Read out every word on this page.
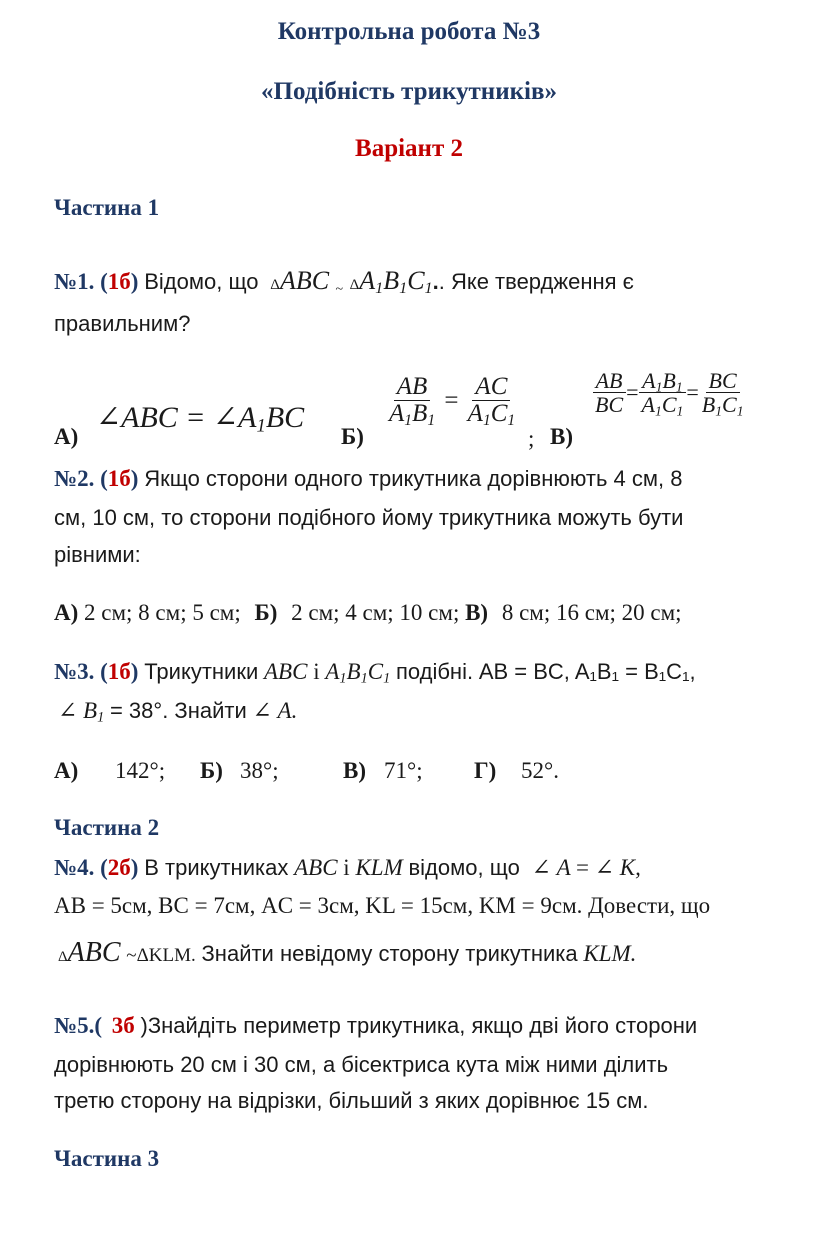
Контрольна робота №3
«Подібність трикутників»
Варіант 2
Частина 1
№1. (1б) Відомо, що ΔABC ~ $\Delta A_1B_1C_1$.. Яке твердження є
правильним?
А)
∠ABC = $\angle A_1BC$
Б)
$\frac{AB}{A_1B_1} = \frac{AC}{A_1C_1}$
; В)
$\frac{AB}{BC} = \frac{A_1B_1}{A_1C_1} = \frac{BC}{B_1C_1}$
№2. (1б) Якщо сторони одного трикутника дорівнюють 4 см, 8
см, 10 см, то сторони подібного йому трикутника можуть бути
рівними:
А) 2 см; 8 см; 5 см; Б) 2 см; 4 см; 10 см; В) 8 см; 16 см; 20 см;
№3. (1б) Трикутники ABC і $A_1B_1C_1$ подібні. AB = BC, A₁B₁ = B₁C₁,
∠ $B_1 = 38^\circ$. Знайти ∠ A.
А) 142°; Б) 38°;	В) 71°; Г) 52°.
Частина 2
№4. (2б) В трикутниках ABC і KLM відомо, що ∠ A = ∠ K,
AB = 5см, BC = 7см, AC = 3см, KL = 15см, KM = 9см. Довести, що
ΔABC ~ΔKLM. Знайти невідому сторону трикутника KLM.
№5.( 3б )Знайдіть периметр трикутника, якщо дві його сторони
дорівнюють 20 см і 30 см, а бісектриса кута між ними ділить
третю сторону на відрізки, більший з яких дорівнює 15 см.
Частина 3
